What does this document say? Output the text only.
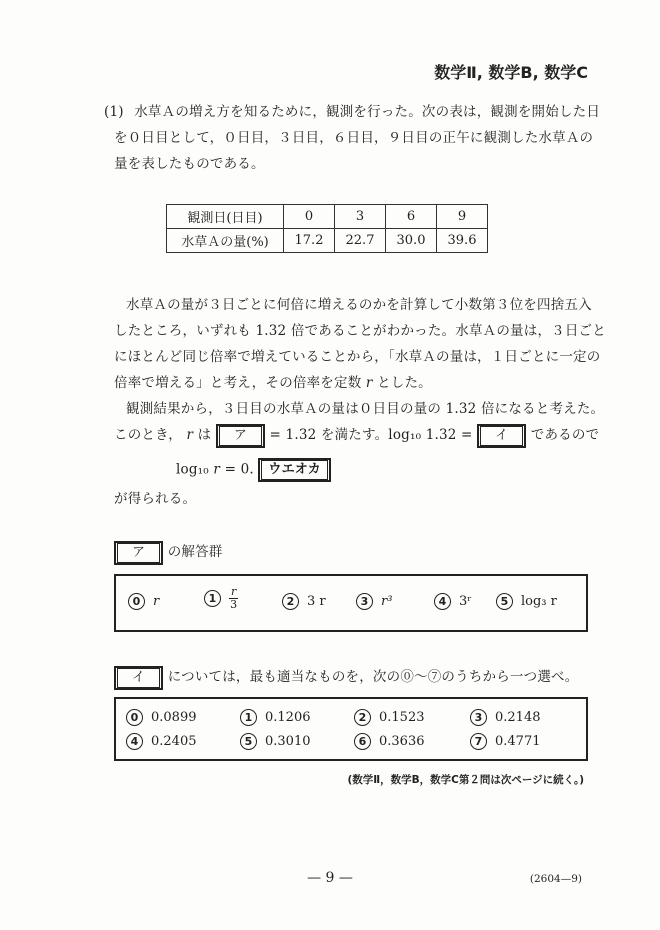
数学Ⅱ, 数学B, 数学C

(1) 水草Ａの増え方を知るために，観測を行った。次の表は，観測を開始した日

を０日目として，０日目，３日目，６日目，９日目の正午に観測した水草Ａの

量を表したものである。

観測日(日目)	0	3	6	9
水草Ａの量(%)	17.2	22.7	30.0	39.6

水草Ａの量が３日ごとに何倍に増えるのかを計算して小数第３位を四捨五入

したところ，いずれも 1.32 倍であることがわかった。水草Ａの量は，３日ごと

にほとんど同じ倍率で増えていることから，「水草Ａの量は，１日ごとに一定の

倍率で増える」と考え，その倍率を定数 r とした。

観測結果から，３日目の水草Ａの量は０日目の量の 1.32 倍になると考えた。

このとき， r は ア = 1.32 を満たす。log₁₀ 1.32 = イ であるので

log₁₀ r = 0. ウエオカ

が得られる。

ア の解答群

0 r	$1 \frac{r}{3}$	2 3 r	3 r³	4 3ʳ	5 log₃ r

イ については，最も適当なものを，次の⓪〜⑦のうちから一つ選べ。

0 0.0899	1 0.1206	2 0.1523	3 0.2148
4 0.2405	5 0.3010	6 0.3636	7 0.4771
(数学Ⅱ，数学B，数学C第２問は次ページに続く。)
— 9 —	(2604—9)
